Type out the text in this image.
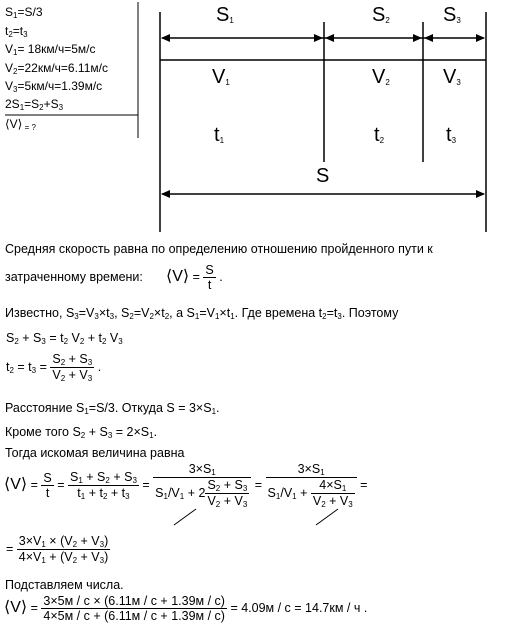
$S_1=S/3$
$t_2=t_3$
$V_1= 18км/ч=5м/с$
$V_2=22км/ч=6.11м/с$
$V_3=5км/ч=1.39м/с$
$2S_1=S_2+S_3$
⟨V⟩ $_{= ?}$
$S_1$	$S_2$	$S_3$
$V_1$	$V_2$	$V_3$
$t_1$	$t_2$	$t_3$
S
Средняя скорость равна по определению отношению пройденного пути к
затраченному времени: ⟨V⟩ = $\frac{S}{t}$ .
Известно, $S_3=V_3\times t_3$, $S_2=V_2\times t_2$, а $S_1=V_1\times t_1$. Где времена $t_2=t_3$. Поэтому
$S_2 + S_3 = t_2$ $V_2 + t_2$ $V_3$
$t_2 = t_3 = \frac{S_2 + S_3}{V_2 + V_3}$ .
Расстояние $S_1=S/3$. Откуда $S = 3\times S_1$.
Кроме того $S_2 + S_3 = 2\times S_1$.
Тогда искомая величина равна
⟨V⟩ = $\frac{S}{t} = \frac{S_1 + S_2 + S_3}{t_1 + t_2 + t_3} = \frac{3\times S_1}{S_1/V_1 + 2 \frac{S_2 + S_3}{V_2 + V_3}} = \frac{3\times S_1}{S_1/V_1 + \frac{4\times S_1}{V_2 + V_3}}$ =
= $\frac{3\times V_1 \times (V_2 + V_3)}{4\times V_1 + (V_2 + V_3)}$
Подставляем числа.
⟨V⟩ = $\frac{3\times 5м / с \times (6.11м / с + 1.39м / с)}{4\times 5м / с + (6.11м / с + 1.39м / с)} = 4.09м / с = 14.7км / ч$ .
